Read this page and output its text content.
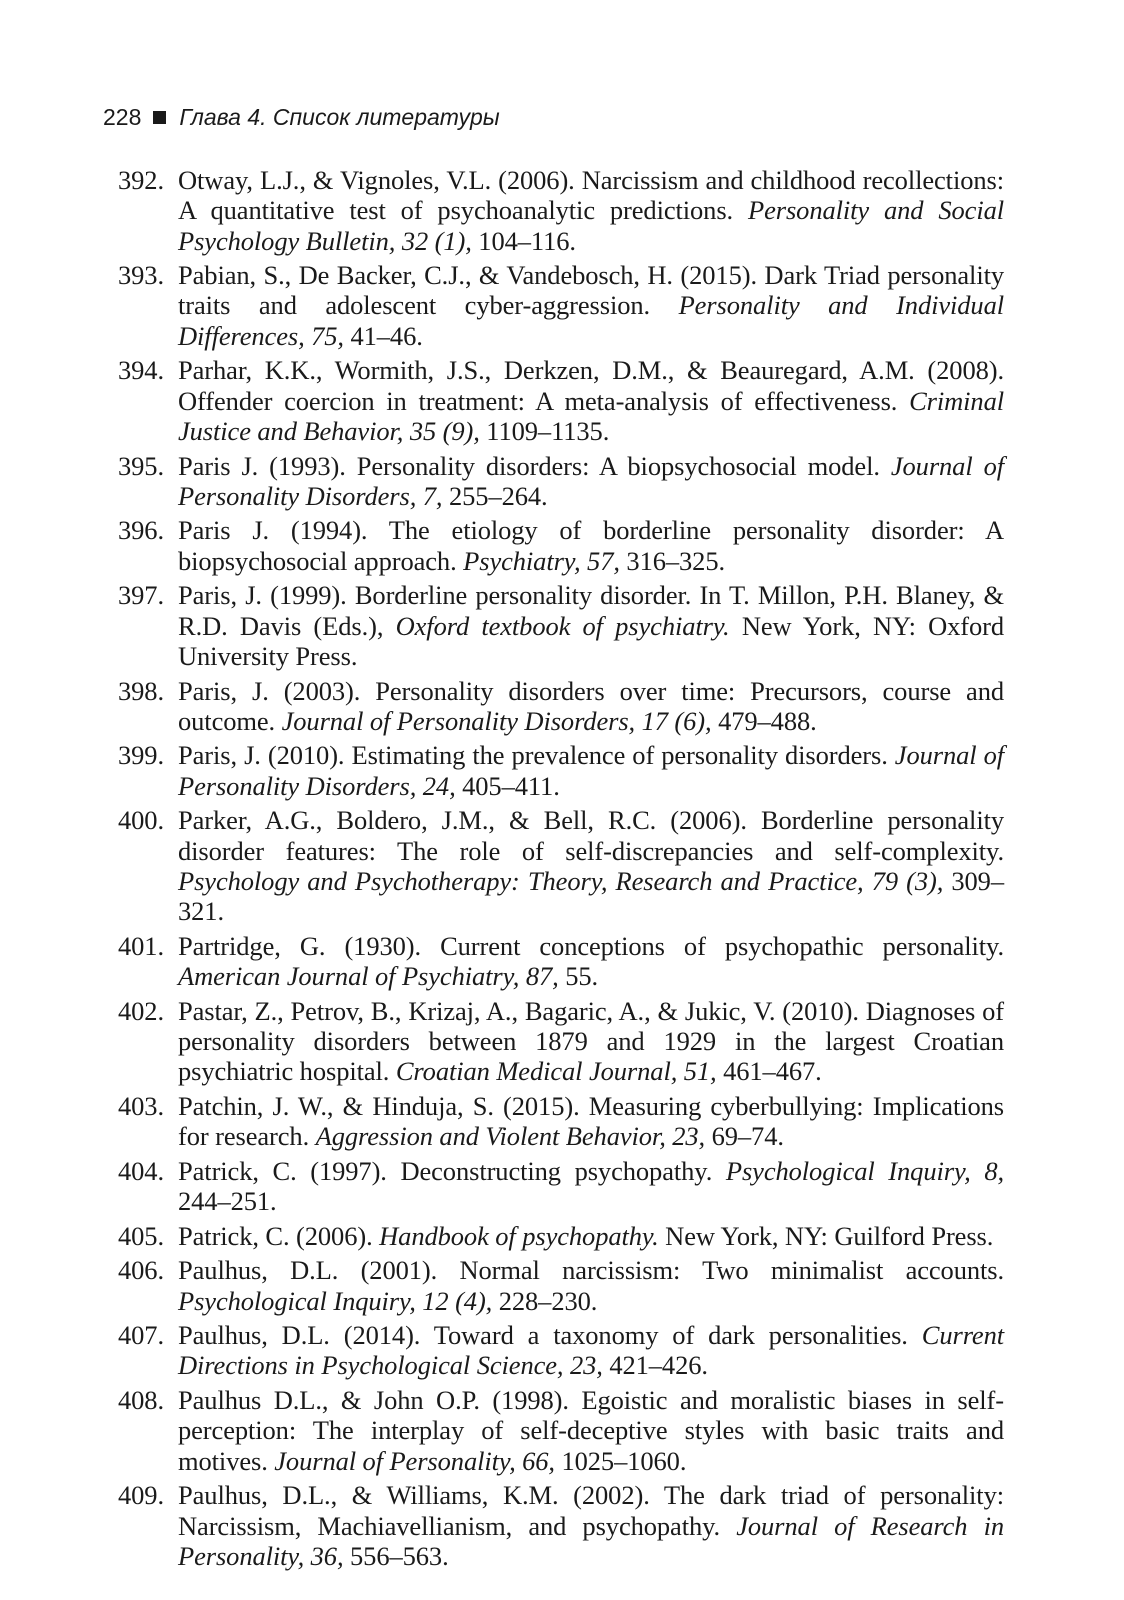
228 Глава 4. Список литературы
392. Otway, L.J., & Vignoles, V.L. (2006). Narcissism and childhood recollections: A quantitative test of psychoanalytic predictions. Personality and Social Psychology Bulletin, 32 (1), 104–116.
393. Pabian, S., De Backer, C.J., & Vandebosch, H. (2015). Dark Triad personality traits and adolescent cyber-aggression. Personality and Individual Differences, 75, 41–46.
394. Parhar, K.K., Wormith, J.S., Derkzen, D.M., & Beauregard, A.M. (2008). Offender coercion in treatment: A meta-analysis of effectiveness. Criminal Justice and Behavior, 35 (9), 1109–1135.
395. Paris J. (1993). Personality disorders: A biopsychosocial model. Journal of Personality Disorders, 7, 255–264.
396. Paris J. (1994). The etiology of borderline personality disorder: A biopsychosocial approach. Psychiatry, 57, 316–325.
397. Paris, J. (1999). Borderline personality disorder. In T. Millon, P.H. Blaney, & R.D. Davis (Eds.), Oxford textbook of psychiatry. New York, NY: Oxford University Press.
398. Paris, J. (2003). Personality disorders over time: Precursors, course and outcome. Journal of Personality Disorders, 17 (6), 479–488.
399. Paris, J. (2010). Estimating the prevalence of personality disorders. Journal of Personality Disorders, 24, 405–411.
400. Parker, A.G., Boldero, J.M., & Bell, R.C. (2006). Borderline personality disorder features: The role of self-discrepancies and self-complexity. Psychology and Psychotherapy: Theory, Research and Practice, 79 (3), 309–321.
401. Partridge, G. (1930). Current conceptions of psychopathic personality. American Journal of Psychiatry, 87, 55.
402. Pastar, Z., Petrov, B., Krizaj, A., Bagaric, A., & Jukic, V. (2010). Diagnoses of personality disorders between 1879 and 1929 in the largest Croatian psychiatric hospital. Croatian Medical Journal, 51, 461–467.
403. Patchin, J. W., & Hinduja, S. (2015). Measuring cyberbullying: Implications for research. Aggression and Violent Behavior, 23, 69–74.
404. Patrick, C. (1997). Deconstructing psychopathy. Psychological Inquiry, 8, 244–251.
405. Patrick, C. (2006). Handbook of psychopathy. New York, NY: Guilford Press.
406. Paulhus, D.L. (2001). Normal narcissism: Two minimalist accounts. Psychological Inquiry, 12 (4), 228–230.
407. Paulhus, D.L. (2014). Toward a taxonomy of dark personalities. Current Directions in Psychological Science, 23, 421–426.
408. Paulhus D.L., & John O.P. (1998). Egoistic and moralistic biases in self-perception: The interplay of self-deceptive styles with basic traits and motives. Journal of Personality, 66, 1025–1060.
409. Paulhus, D.L., & Williams, K.M. (2002). The dark triad of personality: Narcissism, Machiavellianism, and psychopathy. Journal of Research in Personality, 36, 556–563.
